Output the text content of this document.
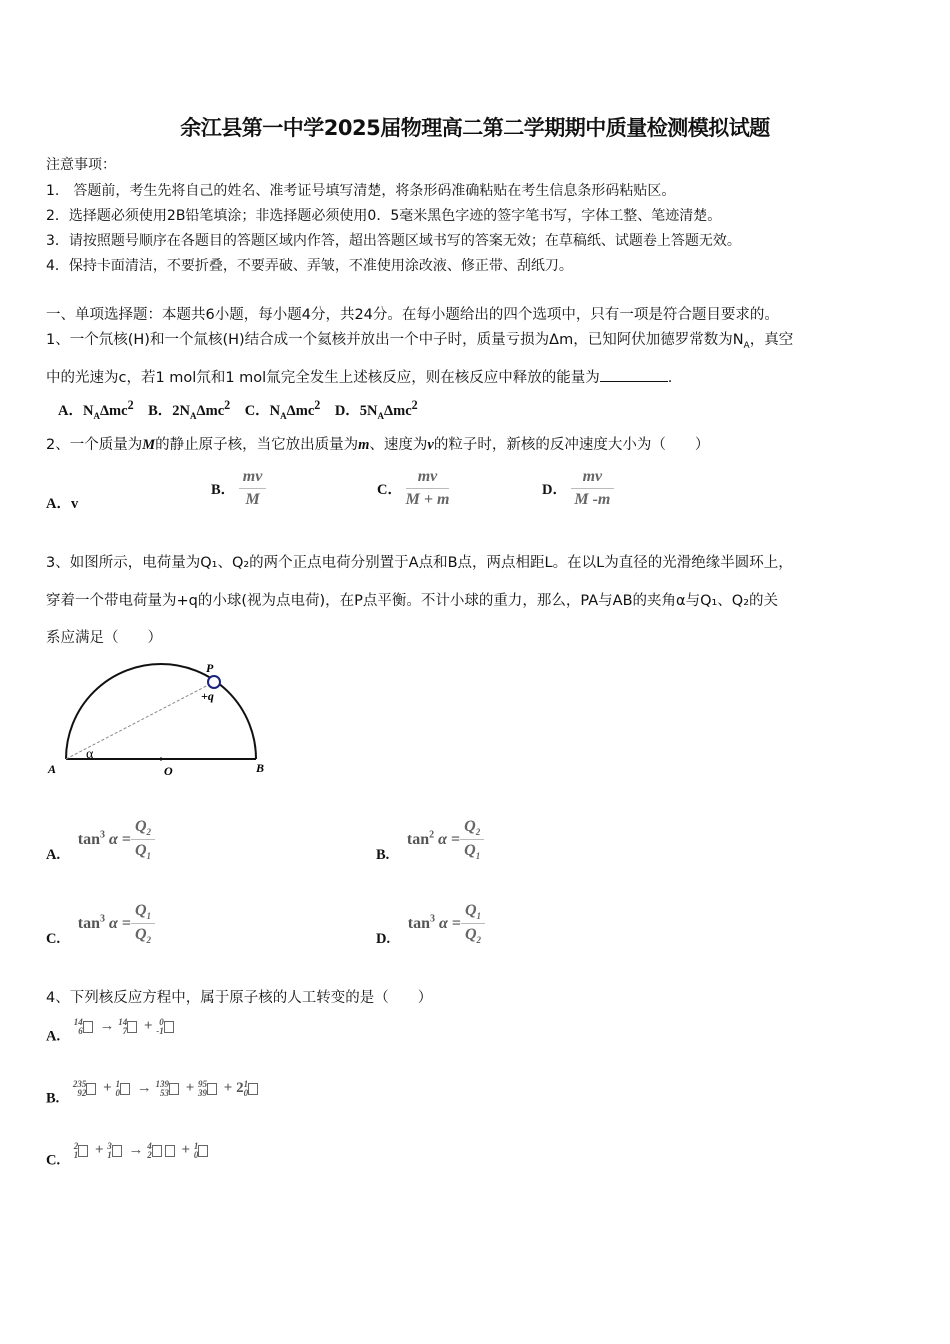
余江县第一中学2025届物理高二第二学期期中质量检测模拟试题
注意事项：
1.　答题前，考生先将自己的姓名、准考证号填写清楚，将条形码准确粘贴在考生信息条形码粘贴区。
2．选择题必须使用2B铅笔填涂；非选择题必须使用0．5毫米黑色字迹的签字笔书写，字体工整、笔迹清楚。
3．请按照题号顺序在各题目的答题区域内作答，超出答题区域书写的答案无效；在草稿纸、试题卷上答题无效。
4．保持卡面清洁，不要折叠，不要弄破、弄皱，不准使用涂改液、修正带、刮纸刀。
一、单项选择题：本题共6小题，每小题4分，共24分。在每小题给出的四个选项中，只有一项是符合题目要求的。
1、一个氘核(H)和一个氚核(H)结合成一个氦核并放出一个中子时，质量亏损为Δm，已知阿伏加德罗常数为$N_A$，真空
中的光速为c，若1 mol氘和1 mol氚完全发生上述核反应，则在核反应中释放的能量为	.
A．$N_A\Delta mc^2$ B．$2N_A\Delta mc^2$ C．$N_A\Delta mc^2$ D．$5N_A\Delta mc^2$
2、一个质量为M的静止原子核，当它放出质量为m、速度为v的粒子时，新核的反冲速度大小为（　　）
A．v
B． $\frac{mv}{M}$	C． $\frac{mv}{M + m}$	D． $\frac{mv}{M -m}$
3、如图所示，电荷量为Q₁、Q₂的两个正点电荷分别置于A点和B点，两点相距L。在以L为直径的光滑绝缘半圆环上，
穿着一个带电荷量为+q的小球(视为点电荷)，在P点平衡。不计小球的重力，那么，PA与AB的夹角α与Q₁、Q₂的关
系应满足（　　）
A	O	B
P
+q
α
A. $\tan^3 \alpha = \frac{Q_2}{Q_1}$	B. $\tan^2 \alpha = \frac{Q_2}{Q_1}$
C. $\tan^3 \alpha = \frac{Q_1}{Q_2}$	D. $\tan^3 \alpha = \frac{Q_1}{Q_2}$
4、下列核反应方程中，属于原子核的人工转变的是（　　）
A.
14
6 → 14
7 + 0
-1
B.
235
92 + 1
0 → 139
53 + 95
39 + 2 1
0
C.
2
1 + 3
1 → 4
2 + 1
0
